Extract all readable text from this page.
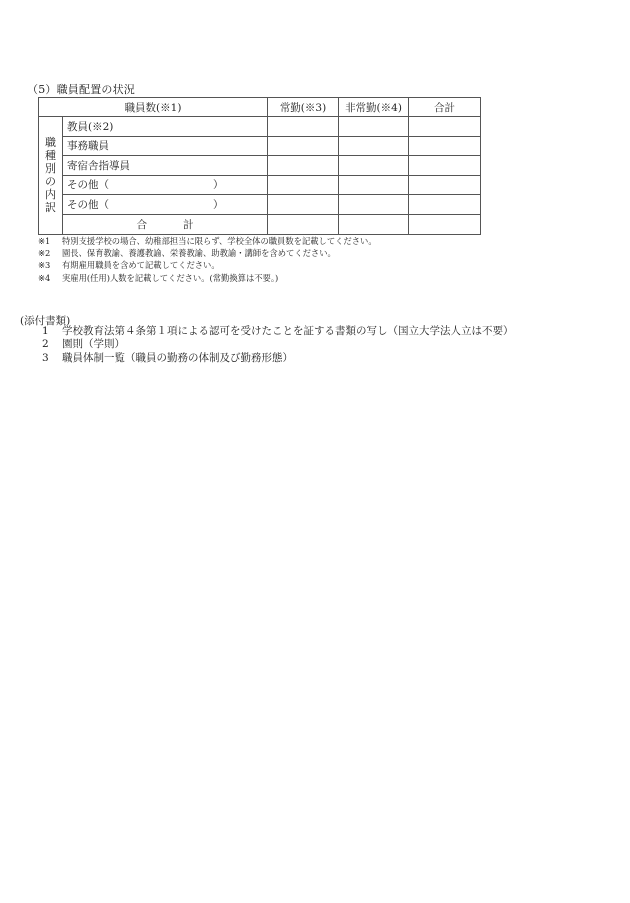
（5）職員配置の状況
職員数(※1)		常勤(※3)	非常勤(※4)	合計

職
種
別
の
内
訳
	教員(※2)			
	事務職員			
	寄宿舎指導員			
	その他（ ）			
	その他（ ）			
	合 計			
※1	特別支援学校の場合、幼稚部担当に限らず、学校全体の職員数を記載してください。
※2	園長、保育教諭、養護教諭、栄養教諭、助教諭・講師を含めてください。
※3	有期雇用職員を含めて記載してください。
※4	実雇用(任用)人数を記載してください。(常勤換算は不要。)
(添付書類)
1	学校教育法第４条第１項による認可を受けたことを証する書類の写し（国立大学法人立は不要）
2	園則（学則）
3	職員体制一覧（職員の勤務の体制及び勤務形態）
